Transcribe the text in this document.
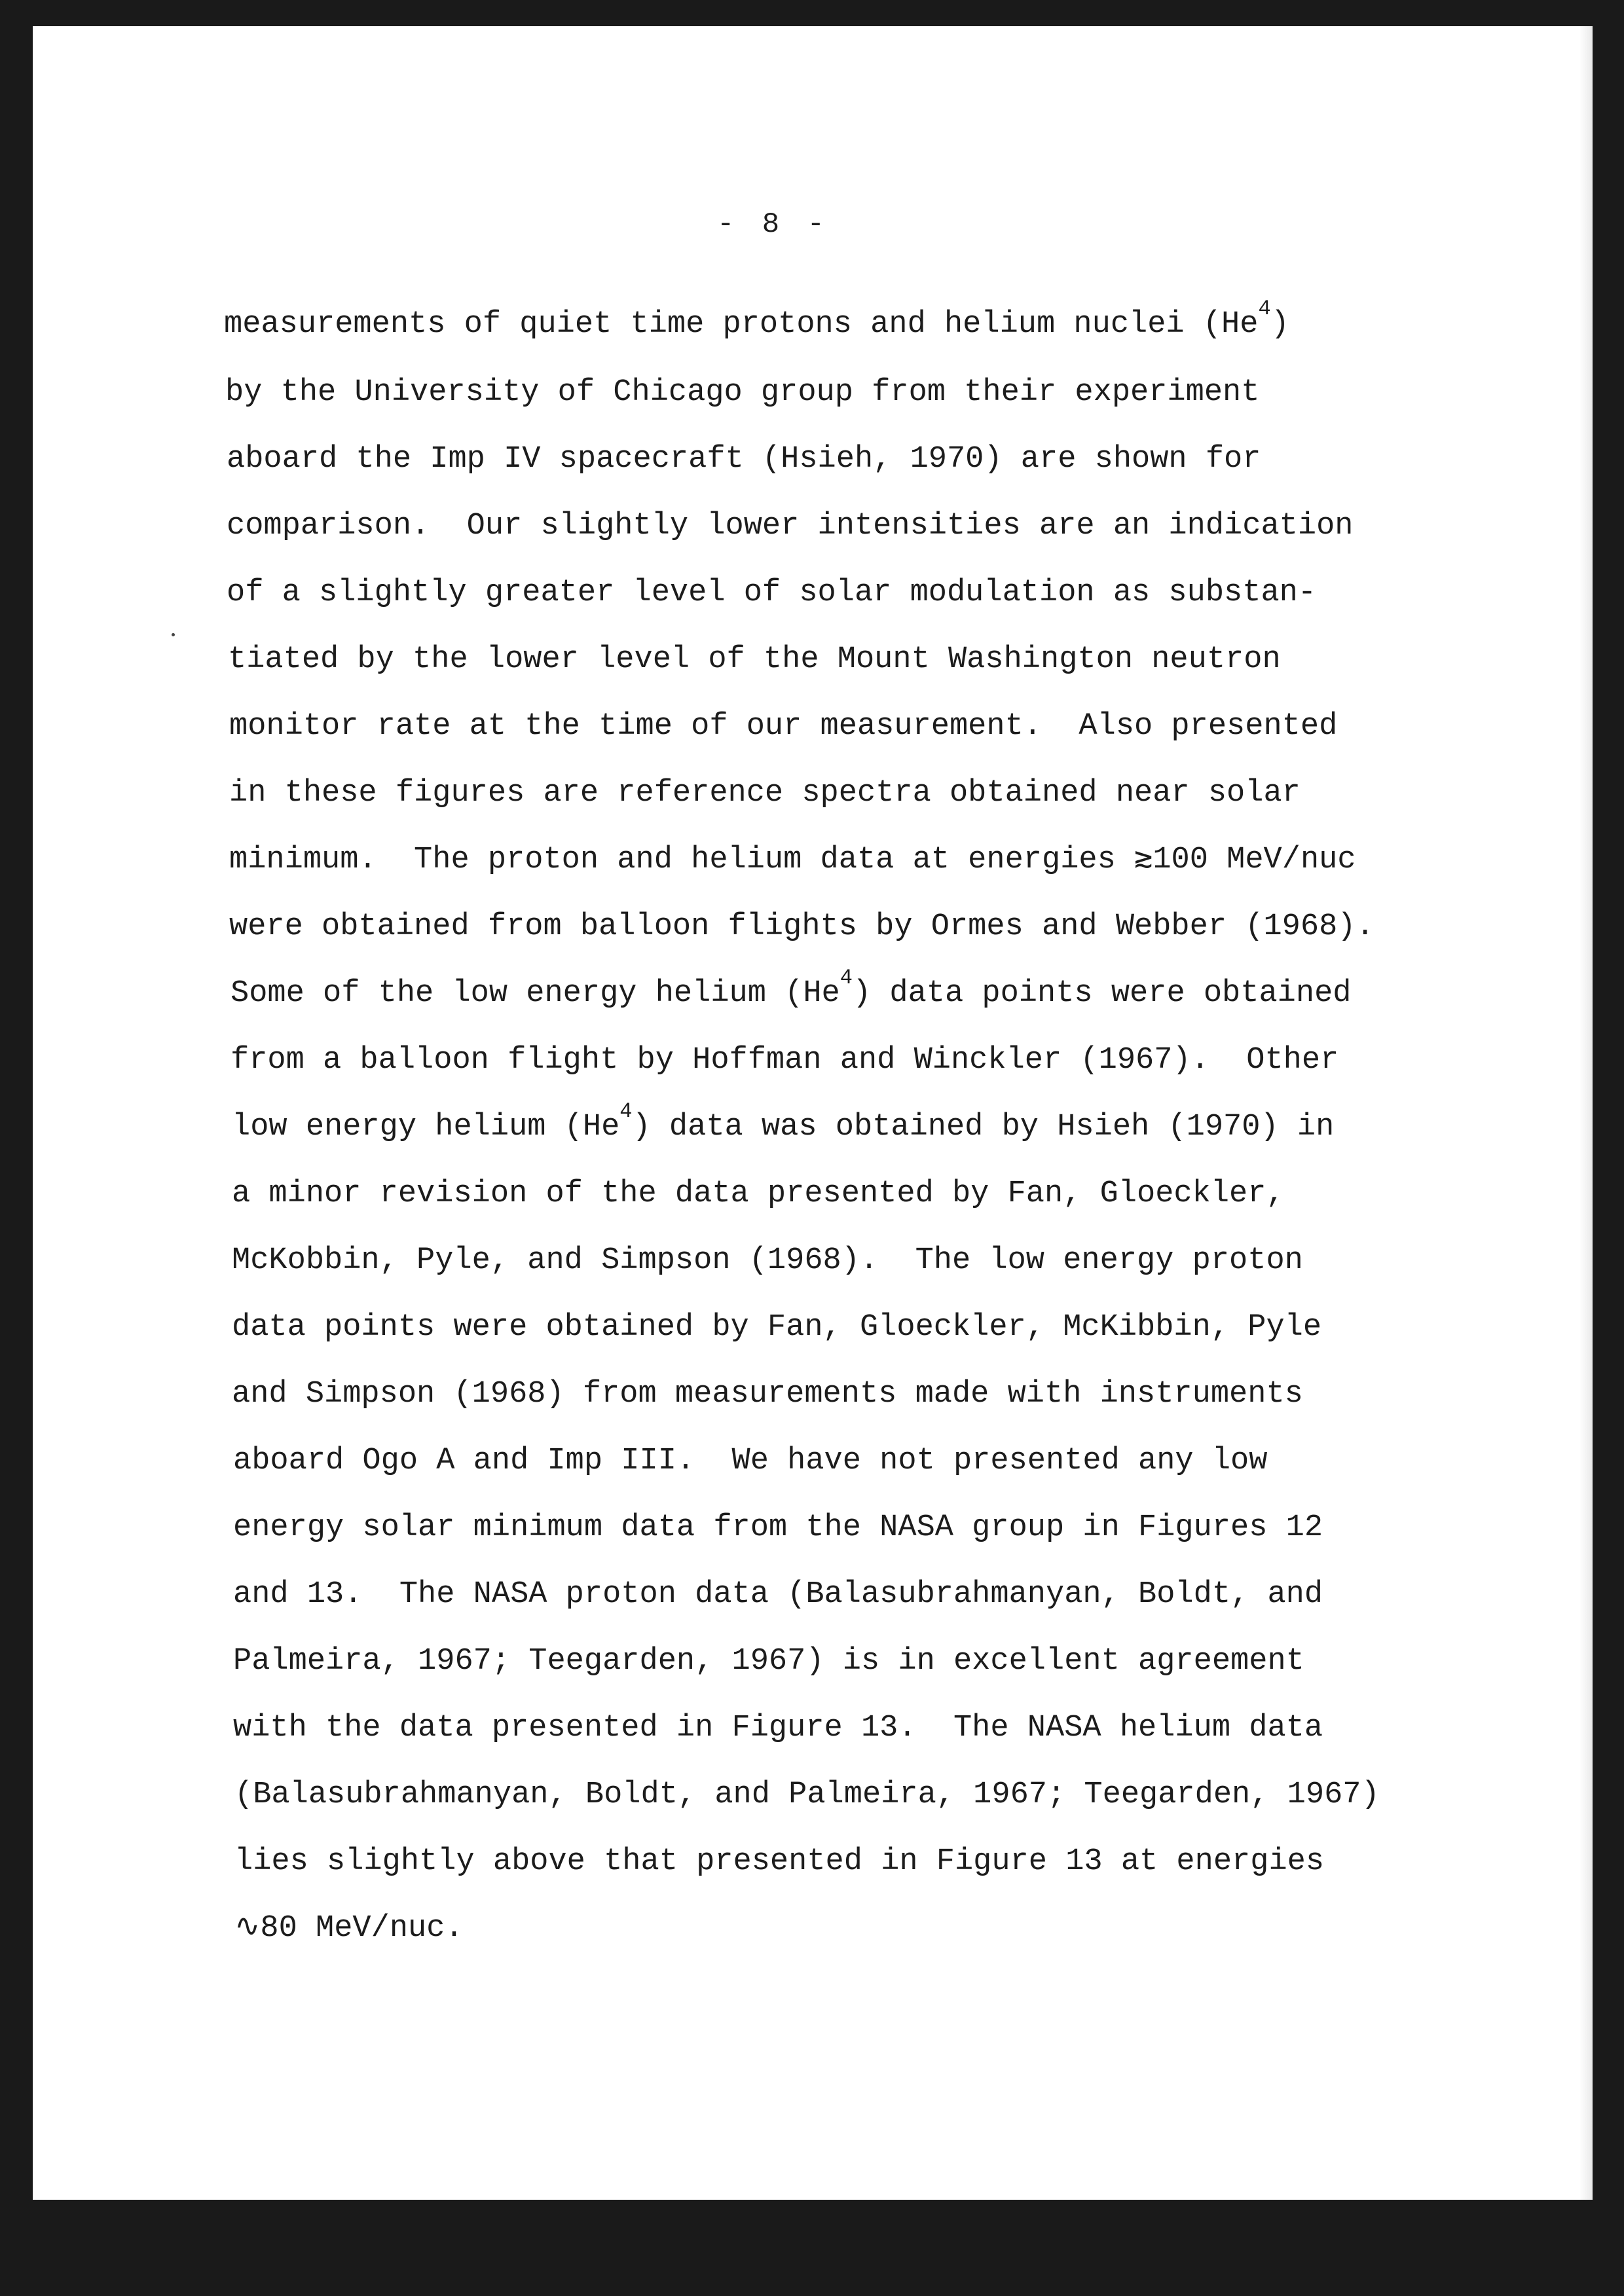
- 8 -
measurements of quiet time protons and helium nuclei (He$^4$)
by the University of Chicago group from their experiment
aboard the Imp IV spacecraft (Hsieh, 1970) are shown for
comparison.  Our slightly lower intensities are an indication
of a slightly greater level of solar modulation as substan-
tiated by the lower level of the Mount Washington neutron
monitor rate at the time of our measurement.  Also presented
in these figures are reference spectra obtained near solar
minimum.  The proton and helium data at energies ≳100 MeV/nuc
were obtained from balloon flights by Ormes and Webber (1968).
Some of the low energy helium (He$^4$) data points were obtained
from a balloon flight by Hoffman and Winckler (1967).  Other
low energy helium (He$^4$) data was obtained by Hsieh (1970) in
a minor revision of the data presented by Fan, Gloeckler,
McKobbin, Pyle, and Simpson (1968).  The low energy proton
data points were obtained by Fan, Gloeckler, McKibbin, Pyle
and Simpson (1968) from measurements made with instruments
aboard Ogo A and Imp III.  We have not presented any low
energy solar minimum data from the NASA group in Figures 12
and 13.  The NASA proton data (Balasubrahmanyan, Boldt, and
Palmeira, 1967; Teegarden, 1967) is in excellent agreement
with the data presented in Figure 13.  The NASA helium data
(Balasubrahmanyan, Boldt, and Palmeira, 1967; Teegarden, 1967)
lies slightly above that presented in Figure 13 at energies
∿80 MeV/nuc.
